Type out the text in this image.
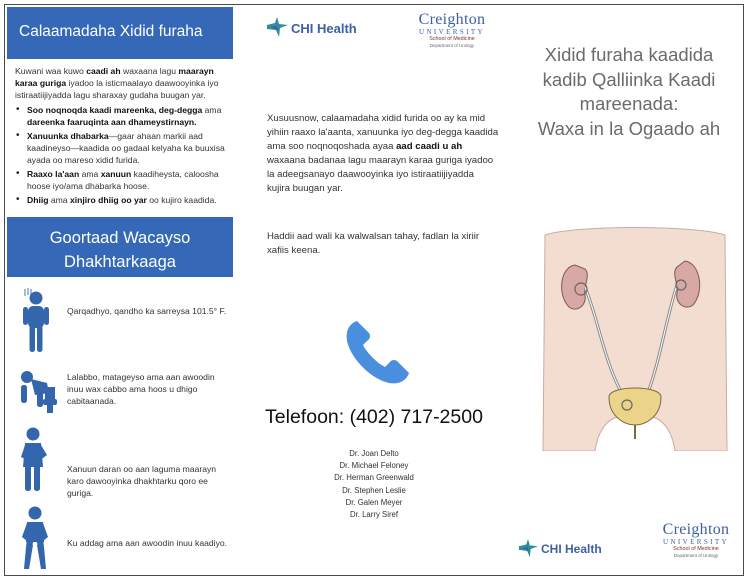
Calaamadaha Xidid furaha
Kuwani waa kuwo caadi ah waxaana lagu maarayn karaa guriga iyadoo la isticmaalayo daawooyinka iyo istiraatiijiyadda lagu sharaxay gudaha buugan yar.
• Soo noqnoqda kaadi mareenka, deg-degga ama dareenka faaruqinta aan dhameystirnayn.
• Xanuunka dhabarka—gaar ahaan markii aad kaadineyso—kaadida oo gadaal kelyaha ka buuxisa ayada oo mareso xidid furida.
• Raaxo la'aan ama xanuun kaadiheysta, caloosha hoose iyo/ama dhabarka hoose.
• Dhiig ama xinjiro dhiig oo yar oo kujiro kaadida.
Goortaad Wacayso Dhakhtarkaaga
Qarqadhyo, qandho ka sarreysa 101.5° F.
Lalabbo, matageyso ama aan awoodin inuu wax cabbo ama hoos u dhigo cabitaanada.
Xanuun daran oo aan laguma maarayn karo dawooyinka dhakhtarku qoro ee guriga.
Ku addag ama aan awoodin inuu kaadiyo.
CHI Health	Creighton
UNIVERSITY
School of Medicine
Department of Urology
Xusuusnow, calaamadaha xidid furida oo ay ka mid yihiin raaxo la'aanta, xanuunka iyo deg-degga kaadida ama soo noqnoqoshada ayaa aad caadi u ah waxaana badanaa lagu maarayn karaa guriga iyadoo la adeegsanayo daawooyinka iyo istiraatiijiyadda kujira buugan yar.
Haddii aad wali ka walwalsan tahay, fadlan la xiriir xafiis keena.
Telefoon: (402) 717-2500
Dr. Joan Delto
Dr. Michael Feloney
Dr. Herman Greenwald
Dr. Stephen Leslie
Dr. Galen Meyer
Dr. Larry Siref
Xidid furaha kaadida
kadib Qalliinka Kaadi
mareenada:
Waxa in la Ogaado ah
CHI Health
Creighton
UNIVERSITY
School of Medicine
Department of Urology
